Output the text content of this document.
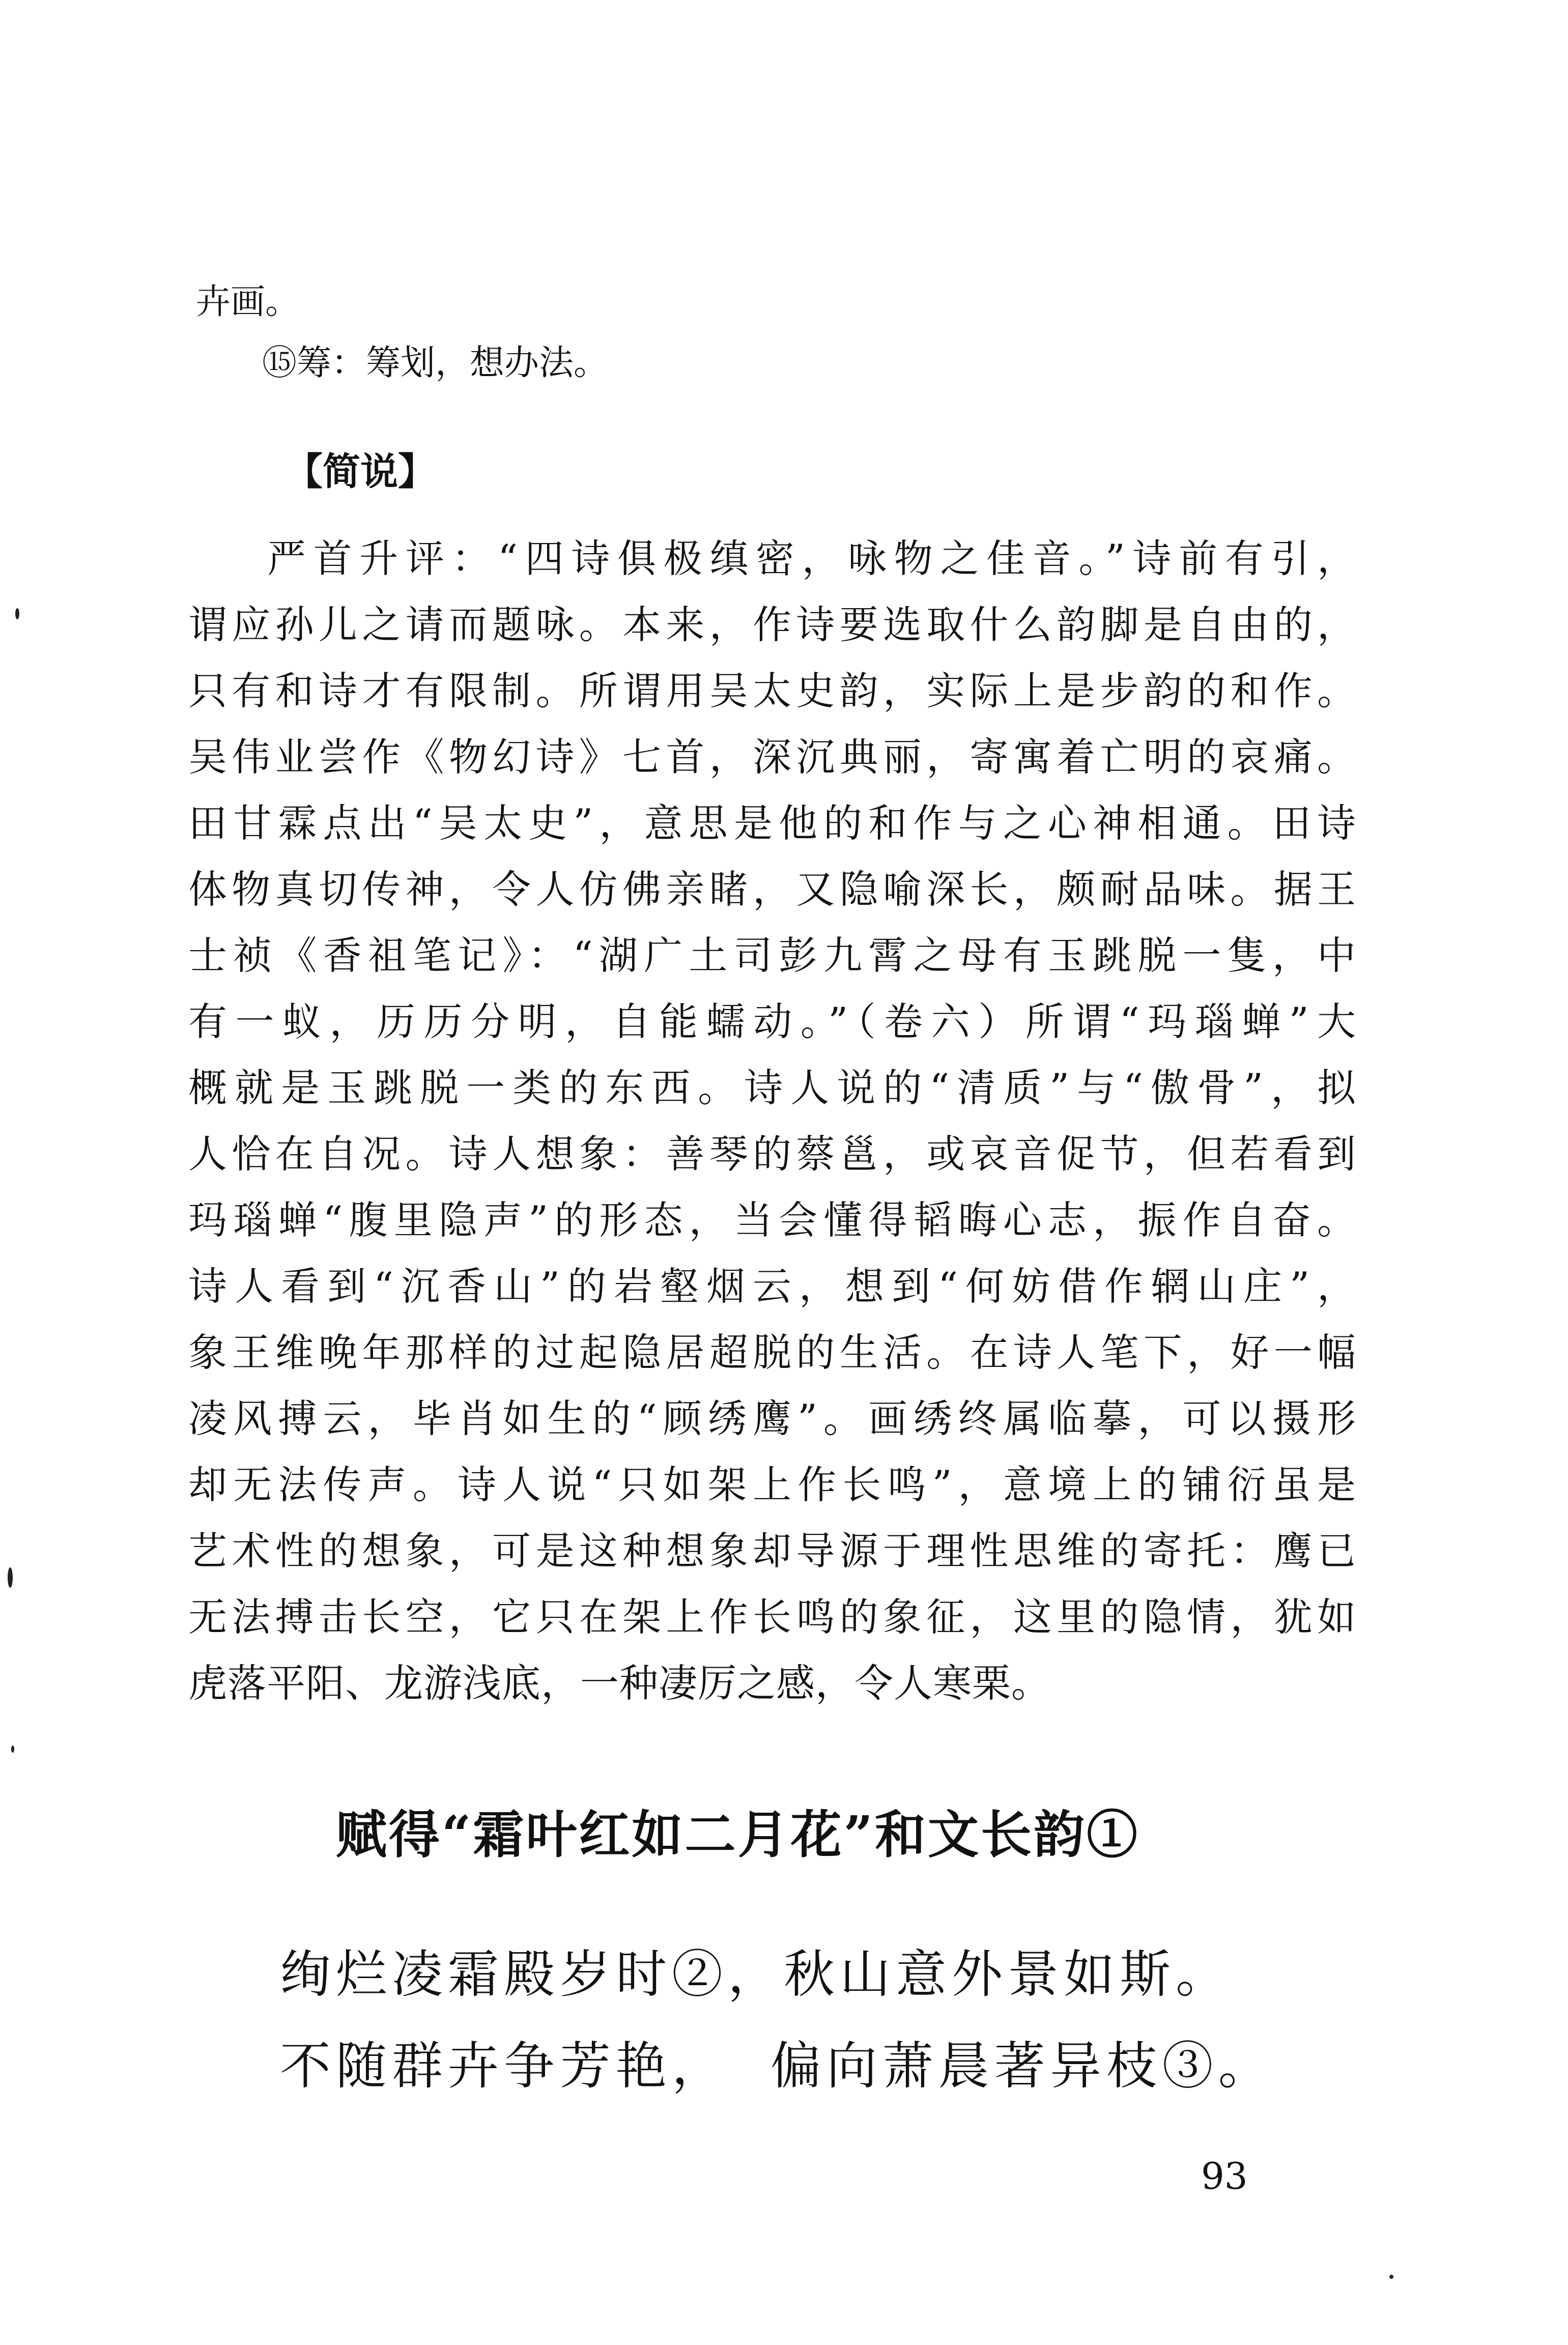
卉画。
⑮筹：筹划，想办法。
【简说】
严首升评：“四诗俱极缜密，咏物之佳音。”诗前有引，
谓应孙儿之请而题咏。本来，作诗要选取什么韵脚是自由的，
只有和诗才有限制。所谓用吴太史韵，实际上是步韵的和作。
吴伟业尝作《物幻诗》七首，深沉典丽，寄寓着亡明的哀痛。
田甘霖点出“吴太史”，意思是他的和作与之心神相通。田诗
体物真切传神，令人仿佛亲睹，又隐喻深长，颇耐品味。据王
士祯《香祖笔记》：“湖广土司彭九霄之母有玉跳脱一隻，中
有一蚁，历历分明，自能蠕动。”（卷六）所谓“玛瑙蝉”大
概就是玉跳脱一类的东西。诗人说的“清质”与“傲骨”，拟
人恰在自况。诗人想象：善琴的蔡邕，或哀音促节，但若看到
玛瑙蝉“腹里隐声”的形态，当会懂得韬晦心志，振作自奋。
诗人看到“沉香山”的岩壑烟云，想到“何妨借作辋山庄”，
象王维晚年那样的过起隐居超脱的生活。在诗人笔下，好一幅
凌风搏云，毕肖如生的“顾绣鹰”。画绣终属临摹，可以摄形
却无法传声。诗人说“只如架上作长鸣”，意境上的铺衍虽是
艺术性的想象，可是这种想象却导源于理性思维的寄托：鹰已
无法搏击长空，它只在架上作长鸣的象征，这里的隐情，犹如
虎落平阳、龙游浅底，一种凄厉之感，令人寒栗。
赋得“霜叶红如二月花”和文长韵①
绚烂凌霜殿岁时②，秋山意外景如斯。
不随群卉争芳艳，  偏向萧晨著异枝③。
93
